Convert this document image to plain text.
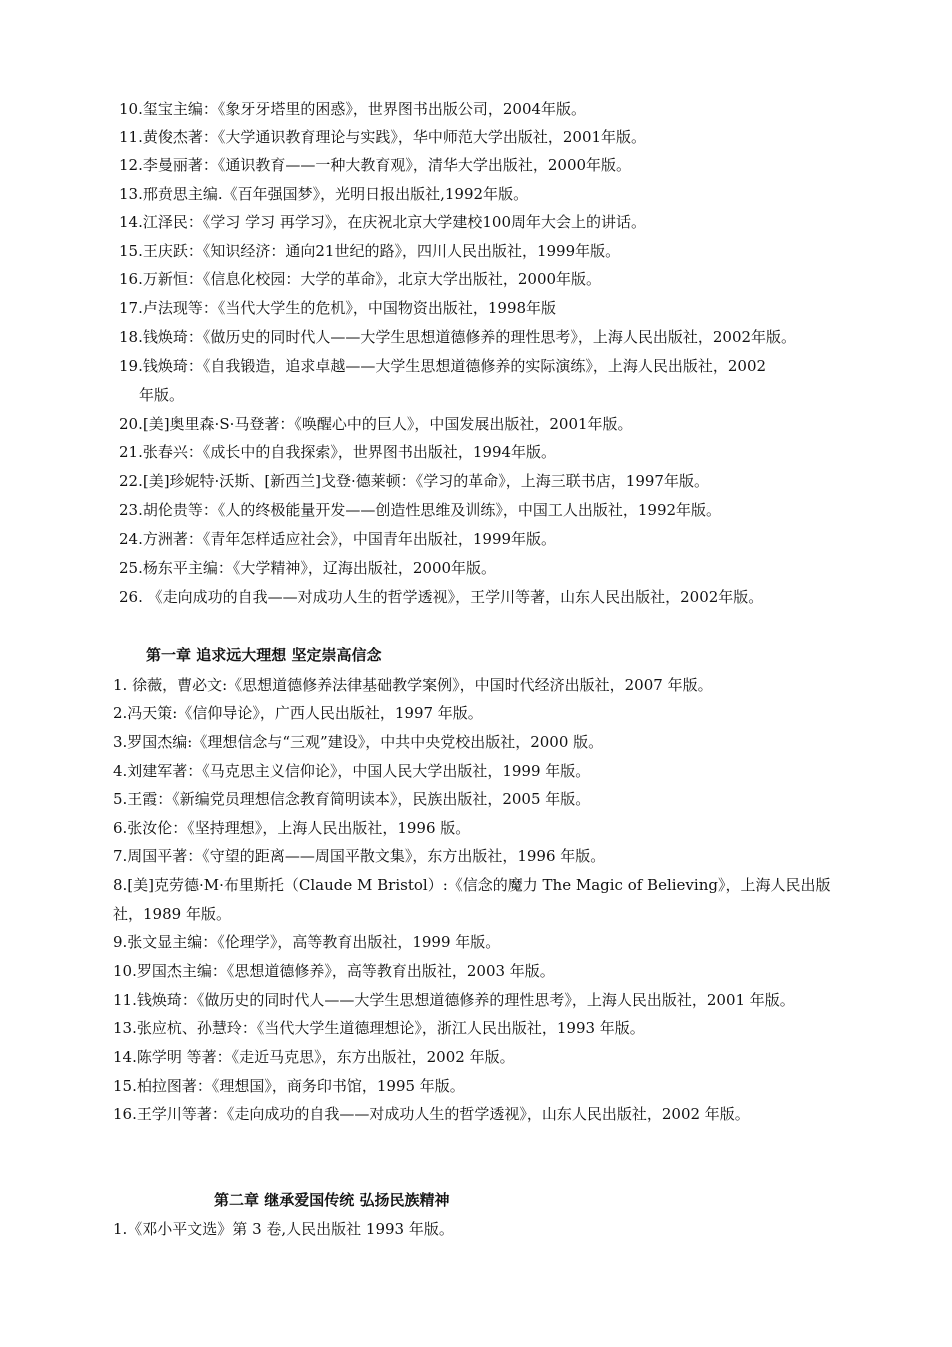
10.玺宝主编：《象牙牙塔里的困惑》，世界图书出版公司，2004年版。
11.黄俊杰著：《大学通识教育理论与实践》，华中师范大学出版社，2001年版。
12.李曼丽著：《通识教育——一种大教育观》，清华大学出版社，2000年版。
13.邢贲思主编.《百年强国梦》，光明日报出版社,1992年版。
14.江泽民：《学习 学习 再学习》，在庆祝北京大学建校100周年大会上的讲话。
15.王庆跃：《知识经济：通向21世纪的路》，四川人民出版社，1999年版。
16.万新恒：《信息化校园：大学的革命》，北京大学出版社，2000年版。
17.卢法现等：《当代大学生的危机》，中国物资出版社，1998年版
18.钱焕琦：《做历史的同时代人——大学生思想道德修养的理性思考》，上海人民出版社，2002年版。
19.钱焕琦：《自我锻造，追求卓越——大学生思想道德修养的实际演练》，上海人民出版社，2002
年版。
20.[美]奥里森·S·马登著：《唤醒心中的巨人》，中国发展出版社，2001年版。
21.张春兴：《成长中的自我探索》，世界图书出版社，1994年版。
22.[美]珍妮特·沃斯、[新西兰]戈登·德莱顿：《学习的革命》，上海三联书店，1997年版。
23.胡伦贵等：《人的终极能量开发——创造性思维及训练》，中国工人出版社，1992年版。
24.方洲著：《青年怎样适应社会》，中国青年出版社，1999年版。
25.杨东平主编：《大学精神》，辽海出版社，2000年版。
26. 《走向成功的自我——对成功人生的哲学透视》，王学川等著，山东人民出版社，2002年版。
第一章 追求远大理想 坚定崇高信念
1. 徐薇，曹必文:《思想道德修养法律基础教学案例》，中国时代经济出版社，2007 年版。
2.冯天策:《信仰导论》，广西人民出版社，1997 年版。
3.罗国杰编:《理想信念与“三观”建设》，中共中央党校出版社，2000 版。
4.刘建军著：《马克思主义信仰论》，中国人民大学出版社，1999 年版。
5.王霞：《新编党员理想信念教育简明读本》，民族出版社，2005 年版。
6.张汝伦：《坚持理想》，上海人民出版社，1996 版。
7.周国平著：《守望的距离——周国平散文集》，东方出版社，1996 年版。
8.[美]克劳德·M·布里斯托（Claude M Bristol）:《信念的魔力 The Magic of Believing》，上海人民出版
社，1989 年版。
9.张文显主编：《伦理学》，高等教育出版社，1999 年版。
10.罗国杰主编：《思想道德修养》，高等教育出版社，2003 年版。
11.钱焕琦：《做历史的同时代人——大学生思想道德修养的理性思考》，上海人民出版社，2001 年版。
13.张应杭、孙慧玲：《当代大学生道德理想论》，浙江人民出版社，1993 年版。
14.陈学明 等著：《走近马克思》，东方出版社，2002 年版。
15.柏拉图著：《理想国》，商务印书馆，1995 年版。
16.王学川等著：《走向成功的自我——对成功人生的哲学透视》，山东人民出版社，2002 年版。
第二章 继承爱国传统 弘扬民族精神
1.《邓小平文选》第 3 卷,人民出版社 1993 年版。
